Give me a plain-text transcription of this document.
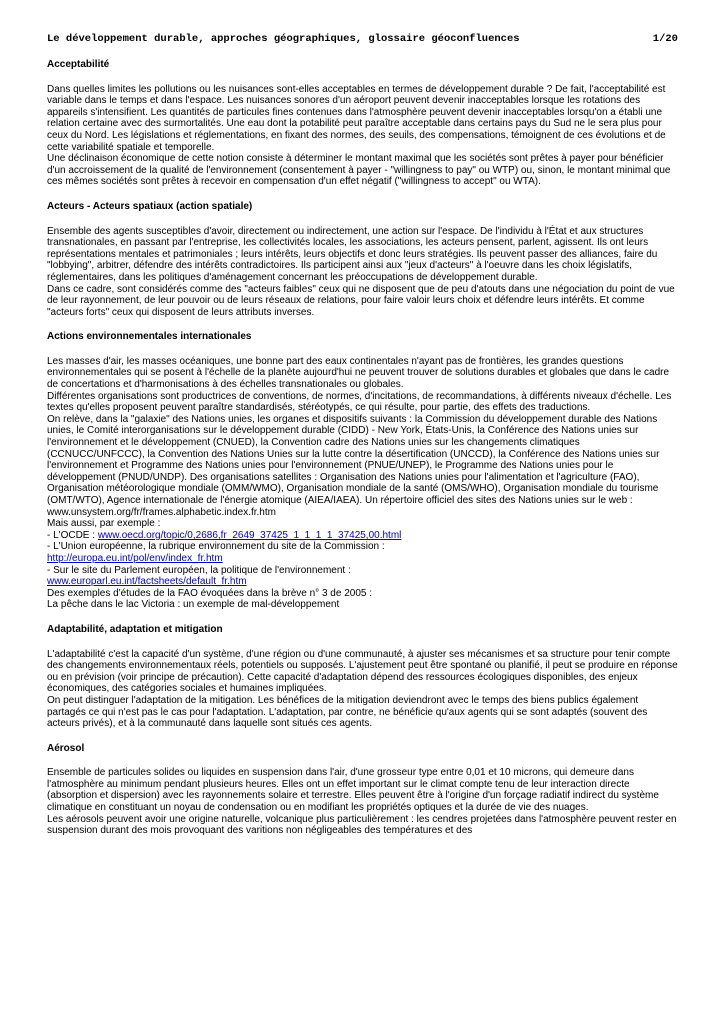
Le développement durable, approches géographiques, glossaire géoconfluences	1/20
Acceptabilité

Dans quelles limites les pollutions ou les nuisances sont-elles acceptables en termes de développement durable ? De fait, l'acceptabilité est variable dans le temps et dans l'espace. Les nuisances sonores d'un aéroport peuvent devenir inacceptables lorsque les rotations des appareils s'intensifient. Les quantités de particules fines contenues dans l'atmosphère peuvent devenir inacceptables lorsqu'on a établi une relation certaine avec des surmortalités. Une eau dont la potabilité peut paraître acceptable dans certains pays du Sud ne le sera plus pour ceux du Nord. Les législations et réglementations, en fixant des normes, des seuils, des compensations, témoignent de ces évolutions et de cette variabilité spatiale et temporelle.

Une déclinaison économique de cette notion consiste à déterminer le montant maximal que les sociétés sont prêtes à payer pour bénéficier d'un accroissement de la qualité de l'environnement (consentement à payer - "willingness to pay" ou WTP) ou, sinon, le montant minimal que ces mêmes sociétés sont prêtes à recevoir en compensation d'un effet négatif ("willingness to accept" ou WTA).

Acteurs - Acteurs spatiaux (action spatiale)

Ensemble des agents susceptibles d'avoir, directement ou indirectement, une action sur l'espace. De l'individu à l'État et aux structures transnationales, en passant par l'entreprise, les collectivités locales, les associations, les acteurs pensent, parlent, agissent. Ils ont leurs représentations mentales et patrimoniales ; leurs intérêts, leurs objectifs et donc leurs stratégies. Ils peuvent passer des alliances, faire du "lobbying", arbitrer, défendre des intérêts contradictoires. Ils participent ainsi aux "jeux d'acteurs" à l'oeuvre dans les choix législatifs, réglementaires, dans les politiques d'aménagement concernant les préoccupations de développement durable.

Dans ce cadre, sont considérés comme des "acteurs faibles" ceux qui ne disposent que de peu d'atouts dans une négociation du point de vue de leur rayonnement, de leur pouvoir ou de leurs réseaux de relations, pour faire valoir leurs choix et défendre leurs intérêts. Et comme "acteurs forts" ceux qui disposent de leurs attributs inverses.

Actions environnementales internationales

Les masses d'air, les masses océaniques, une bonne part des eaux continentales n'ayant pas de frontières, les grandes questions environnementales qui se posent à l'échelle de la planète aujourd'hui ne peuvent trouver de solutions durables et globales que dans le cadre de concertations et d'harmonisations à des échelles transnationales ou globales.

Différentes organisations sont productrices de conventions, de normes, d'incitations, de recommandations, à différents niveaux d'échelle. Les textes qu'elles proposent peuvent paraître standardisés, stéréotypés, ce qui résulte, pour partie, des effets des traductions.

On relève, dans la "galaxie" des Nations unies, les organes et dispositifs suivants : la Commission du développement durable des Nations unies, le Comité interorganisations sur le développement durable (CIDD) - New York, États-Unis, la Conférence des Nations unies sur l'environnement et le développement (CNUED), la Convention cadre des Nations unies sur les changements climatiques (CCNUCC/UNFCCC), la Convention des Nations Unies sur la lutte contre la désertification (UNCCD), la Conférence des Nations unies sur l'environnement et Programme des Nations unies pour l'environnement (PNUE/UNEP), le Programme des Nations unies pour le développement (PNUD/UNDP). Des organisations satellites : Organisation des Nations unies pour l'alimentation et l'agriculture (FAO), Organisation météorologique mondiale (OMM/WMO), Organisation mondiale de la santé (OMS/WHO), Organisation mondiale du tourisme (OMT/WTO), Agence internationale de l'énergie atomique (AIEA/IAEA). Un répertoire officiel des sites des Nations unies sur le web :

www.unsystem.org/fr/frames.alphabetic.index.fr.htm

Mais aussi, par exemple :

- L'OCDE : www.oecd.org/topic/0,2686,fr_2649_37425_1_1_1_1_37425,00.html

- L'Union européenne, la rubrique environnement du site de la Commission :

http://europa.eu.int/pol/env/index_fr.htm

- Sur le site du Parlement européen, la politique de l'environnement :

www.europarl.eu.int/factsheets/default_fr.htm

Des exemples d'études de la FAO évoquées dans la brève n° 3 de 2005 :

La pêche dans le lac Victoria : un exemple de mal-développement

Adaptabilité, adaptation et mitigation

L'adaptabilité c'est la capacité d'un système, d'une région ou d'une communauté, à ajuster ses mécanismes et sa structure pour tenir compte des changements environnementaux réels, potentiels ou supposés. L'ajustement peut être spontané ou planifié, il peut se produire en réponse ou en prévision (voir principe de précaution). Cette capacité d'adaptation dépend des ressources écologiques disponibles, des enjeux économiques, des catégories sociales et humaines impliquées.

On peut distinguer l'adaptation de la mitigation. Les bénéfices de la mitigation deviendront avec le temps des biens publics également partagés ce qui n'est pas le cas pour l'adaptation. L'adaptation, par contre, ne bénéficie qu'aux agents qui se sont adaptés (souvent des acteurs privés), et à la communauté dans laquelle sont situés ces agents.

Aérosol

Ensemble de particules solides ou liquides en suspension dans l'air, d'une grosseur type entre 0,01 et 10 microns, qui demeure dans l'atmosphère au minimum pendant plusieurs heures. Elles ont un effet important sur le climat compte tenu de leur interaction directe (absorption et dispersion) avec les rayonnements solaire et terrestre. Elles peuvent être à l'origine d'un forçage radiatif indirect du système climatique en constituant un noyau de condensation ou en modifiant les propriétés optiques et la durée de vie des nuages.

Les aérosols peuvent avoir une origine naturelle, volcanique plus particulièrement : les cendres projetées dans l'atmosphère peuvent rester en suspension durant des mois provoquant des varitions non négligeables des températures et des
